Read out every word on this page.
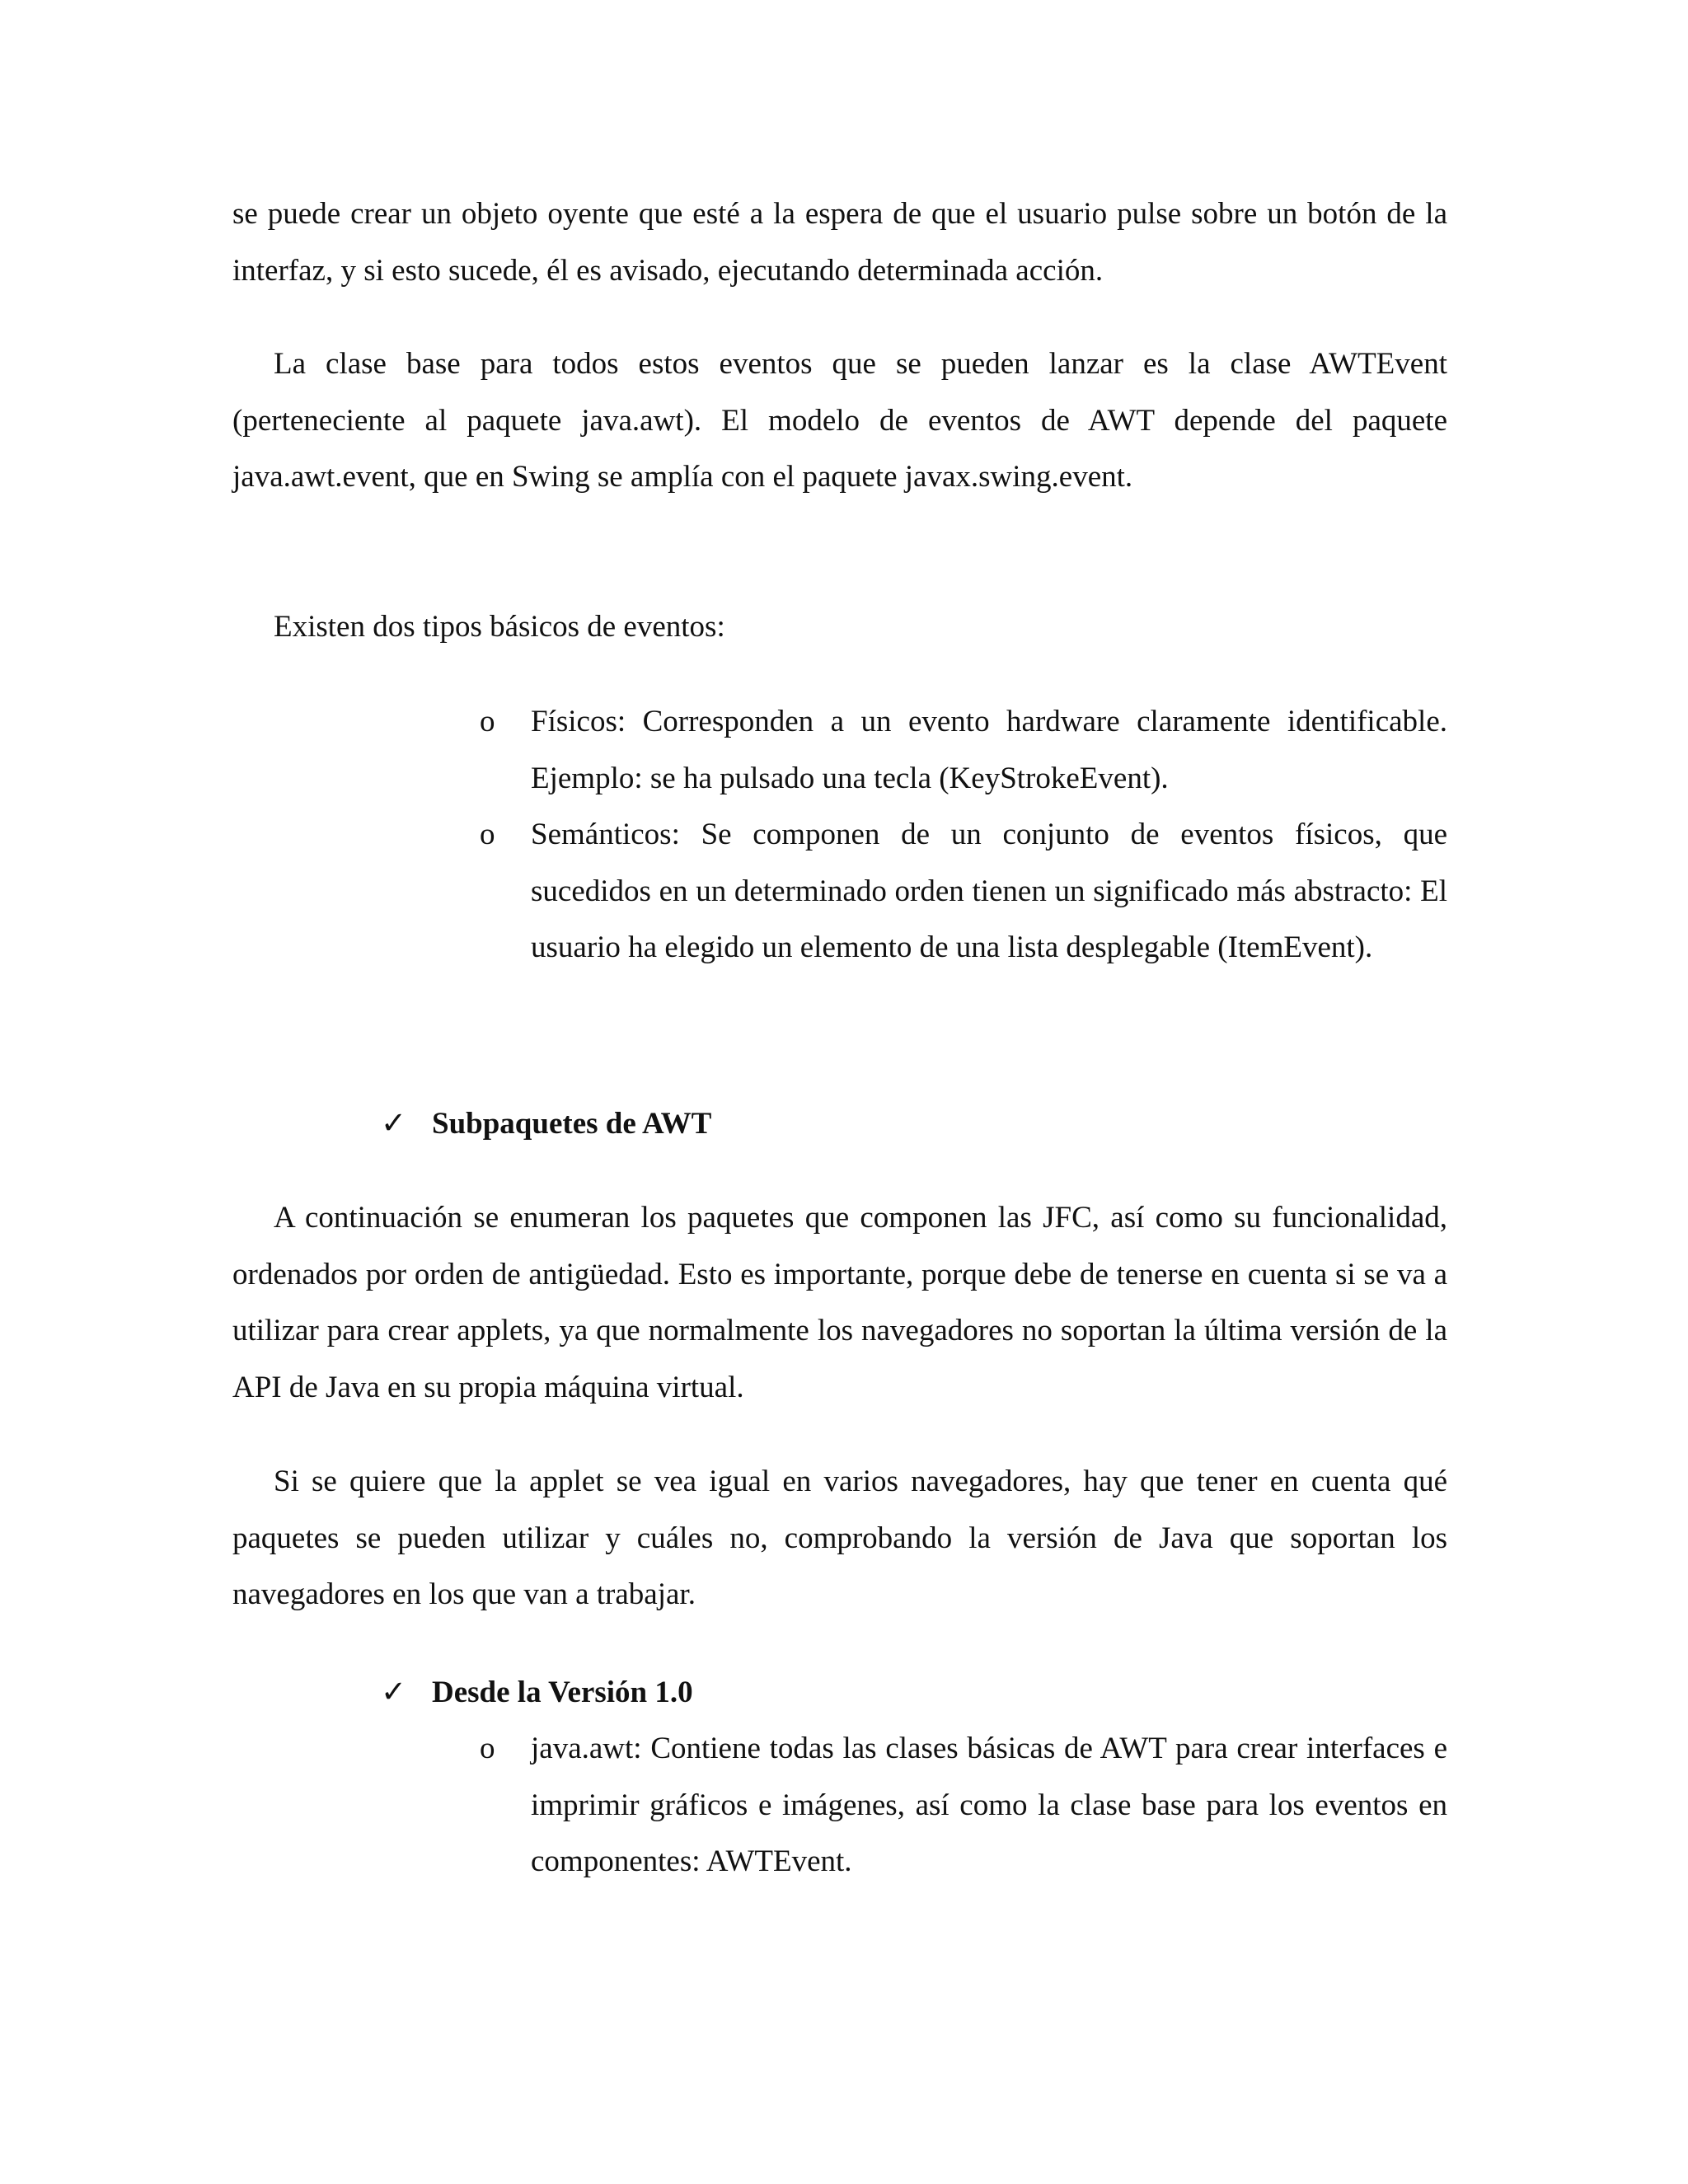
se puede crear un objeto oyente que esté a la espera de que el usuario pulse sobre un botón de la interfaz, y si esto sucede, él es avisado, ejecutando determinada acción.

La clase base para todos estos eventos que se pueden lanzar es la clase AWTEvent (perteneciente al paquete java.awt). El modelo de eventos de AWT depende del paquete java.awt.event, que en Swing se amplía con el paquete javax.swing.event.

Existen dos tipos básicos de eventos:

o	Físicos: Corresponden a un evento hardware claramente identificable. Ejemplo: se ha pulsado una tecla (KeyStrokeEvent).
o	Semánticos: Se componen de un conjunto de eventos físicos, que sucedidos en un determinado orden tienen un significado más abstracto: El usuario ha elegido un elemento de una lista desplegable (ItemEvent).
✓ Subpaquetes de AWT

A continuación se enumeran los paquetes que componen las JFC, así como su funcionalidad, ordenados por orden de antigüedad. Esto es importante, porque debe de tenerse en cuenta si se va a utilizar para crear applets, ya que normalmente los navegadores no soportan la última versión de la API de Java en su propia máquina virtual.

Si se quiere que la applet se vea igual en varios navegadores, hay que tener en cuenta qué paquetes se pueden utilizar y cuáles no, comprobando la versión de Java que soportan los navegadores en los que van a trabajar.

✓ Desde la Versión 1.0
o	java.awt: Contiene todas las clases básicas de AWT para crear interfaces e imprimir gráficos e imágenes, así como la clase base para los eventos en componentes: AWTEvent.
